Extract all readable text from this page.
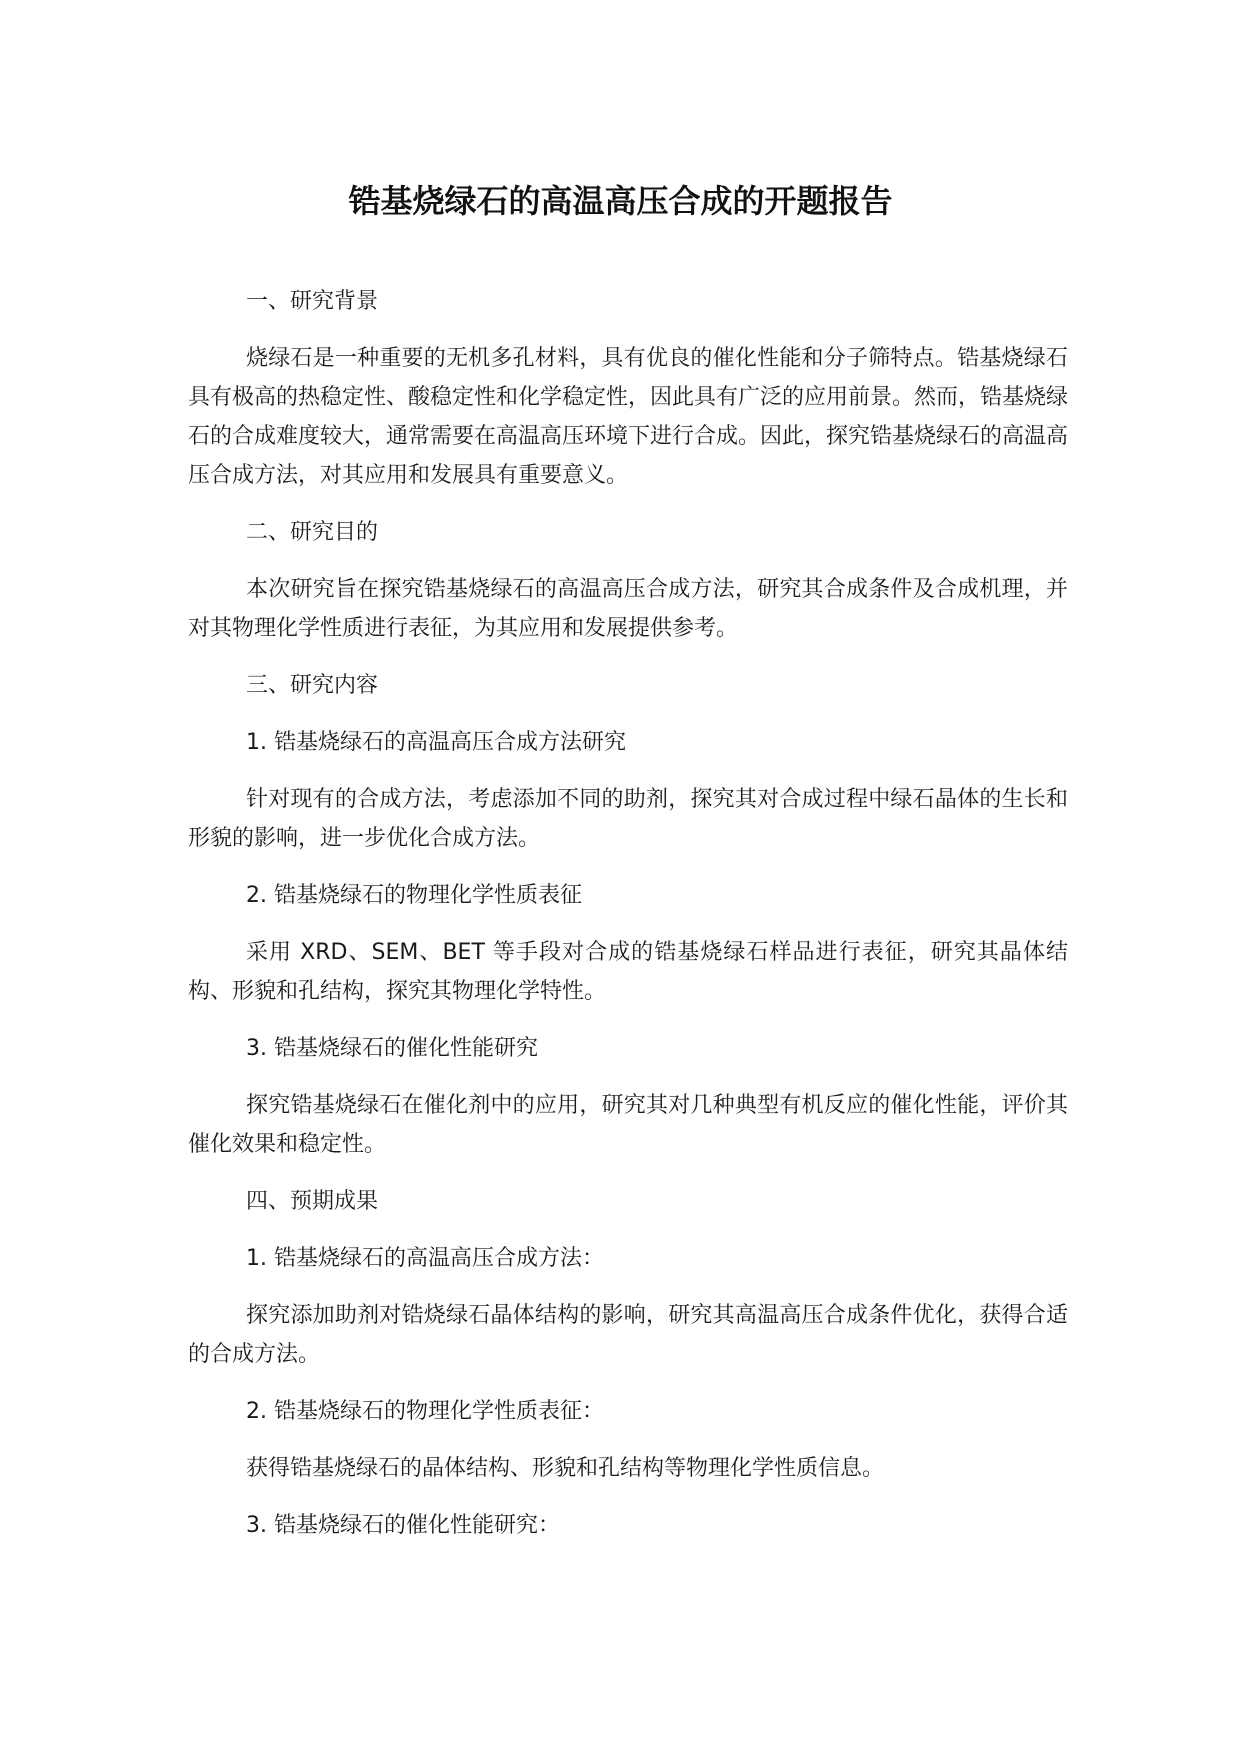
锆基烧绿石的高温高压合成的开题报告

一、研究背景

烧绿石是一种重要的无机多孔材料，具有优良的催化性能和分子筛特点。锆基烧绿石具有极高的热稳定性、酸稳定性和化学稳定性，因此具有广泛的应用前景。然而，锆基烧绿石的合成难度较大，通常需要在高温高压环境下进行合成。因此，探究锆基烧绿石的高温高压合成方法，对其应用和发展具有重要意义。

二、研究目的

本次研究旨在探究锆基烧绿石的高温高压合成方法，研究其合成条件及合成机理，并对其物理化学性质进行表征，为其应用和发展提供参考。

三、研究内容

1. 锆基烧绿石的高温高压合成方法研究

针对现有的合成方法，考虑添加不同的助剂，探究其对合成过程中绿石晶体的生长和形貌的影响，进一步优化合成方法。

2. 锆基烧绿石的物理化学性质表征

采用 XRD、SEM、BET 等手段对合成的锆基烧绿石样品进行表征，研究其晶体结构、形貌和孔结构，探究其物理化学特性。

3. 锆基烧绿石的催化性能研究

探究锆基烧绿石在催化剂中的应用，研究其对几种典型有机反应的催化性能，评价其催化效果和稳定性。

四、预期成果

1. 锆基烧绿石的高温高压合成方法：

探究添加助剂对锆烧绿石晶体结构的影响，研究其高温高压合成条件优化，获得合适的合成方法。

2. 锆基烧绿石的物理化学性质表征：

获得锆基烧绿石的晶体结构、形貌和孔结构等物理化学性质信息。

3. 锆基烧绿石的催化性能研究：
